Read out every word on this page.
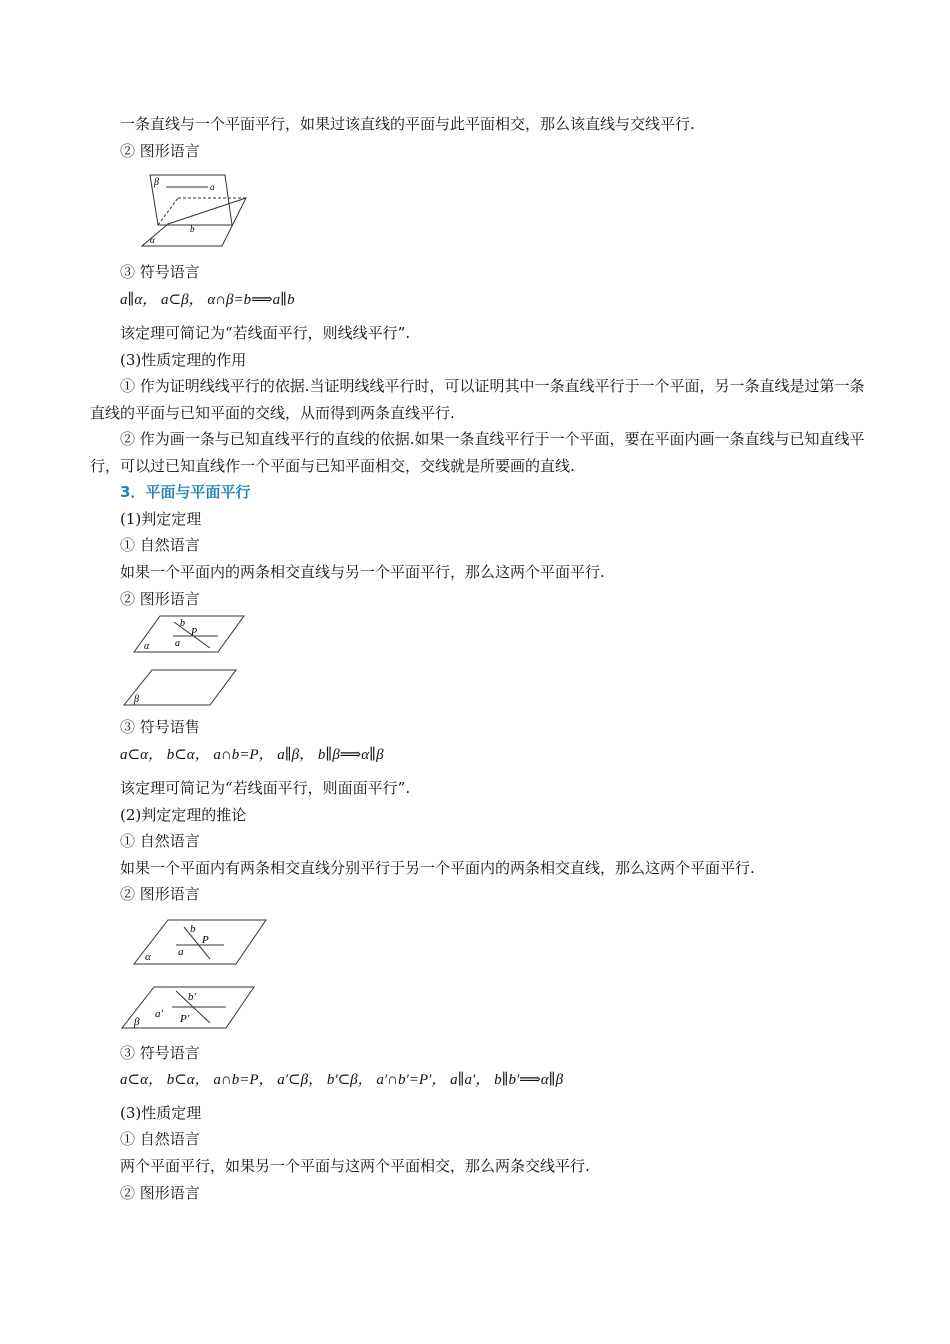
一条直线与一个平面平行，如果过该直线的平面与此平面相交，那么该直线与交线平行.
② 图形语言
β	a
b
α
③ 符号语言
a∥α， a⊂β， α∩β=b⟹a∥b
该定理可简记为“若线面平行，则线线平行”.
(3)性质定理的作用
① 作为证明线线平行的依据.当证明线线平行时，可以证明其中一条直线平行于一个平面，另一条直线是过第一条直线的平面与已知平面的交线，从而得到两条直线平行.
② 作为画一条与已知直线平行的直线的依据.如果一条直线平行于一个平面，要在平面内画一条直线与已知直线平行，可以过已知直线作一个平面与已知平面相交，交线就是所要画的直线.
3．平面与平面平行
(1)判定定理
① 自然语言
如果一个平面内的两条相交直线与另一个平面平行，那么这两个平面平行.
② 图形语言
b
P
a
α
β
③ 符号语售
a⊂α， b⊂α， a∩b=P， a∥β， b∥β⟹α∥β
该定理可简记为“若线面平行，则面面平行”.
(2)判定定理的推论
① 自然语言
如果一个平面内有两条相交直线分别平行于另一个平面内的两条相交直线，那么这两个平面平行.
② 图形语言
b
P
a
α
b′
a′ P′
β
③ 符号语言
a⊂α， b⊂α， a∩b=P， a′⊂β， b′⊂β， a′∩b′=P′， a∥a′， b∥b′⟹α∥β
(3)性质定理
① 自然语言
两个平面平行，如果另一个平面与这两个平面相交，那么两条交线平行.
② 图形语言
